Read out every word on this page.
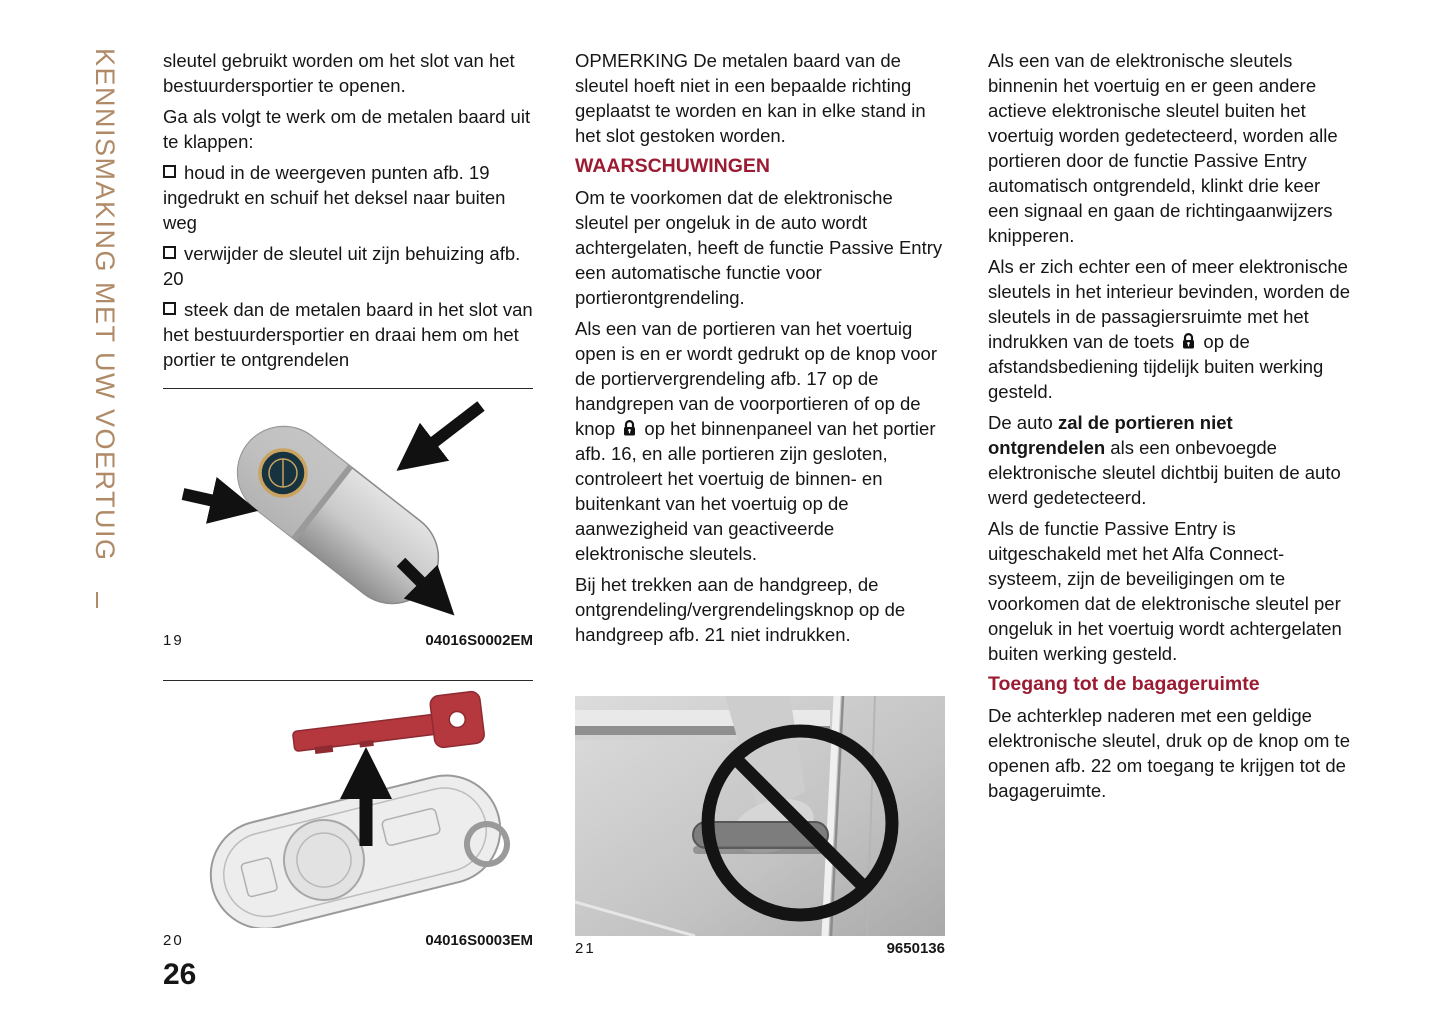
KENNISMAKING MET UW VOERTUIG sleutel gebruikt worden om het slot van het bestuurdersportier te openen.

Ga als volgt te werk om de metalen baard uit te klappen:

houd in de weergeven punten afb. 19 ingedrukt en schuif het deksel naar buiten weg

verwijder de sleutel uit zijn behuizing afb. 20

steek dan de metalen baard in het slot van het bestuurdersportier en draai hem om het portier te ontgrendelen

19	04016S0002EM
20	04016S0003EM
26

OPMERKING De metalen baard van de sleutel hoeft niet in een bepaalde richting geplaatst te worden en kan in elke stand in het slot gestoken worden.

WAARSCHUWINGEN

Om te voorkomen dat de elektronische sleutel per ongeluk in de auto wordt achtergelaten, heeft de functie Passive Entry een automatische functie voor portierontgrendeling.

Als een van de portieren van het voertuig open is en er wordt gedrukt op de knop voor de portiervergrendeling afb. 17 op de handgrepen van de voorportieren of op de knop  op het binnenpaneel van het portier afb. 16, en alle portieren zijn gesloten, controleert het voertuig de binnen- en buitenkant van het voertuig op de aanwezigheid van geactiveerde elektronische sleutels.

Bij het trekken aan de handgreep, de ontgrendeling/vergrendelingsknop op de handgreep afb. 21 niet indrukken.

21	9650136

Als een van de elektronische sleutels binnenin het voertuig en er geen andere actieve elektronische sleutel buiten het voertuig worden gedetecteerd, worden alle portieren door de functie Passive Entry automatisch ontgrendeld, klinkt drie keer een signaal en gaan de richtingaanwijzers knipperen.

Als er zich echter een of meer elektronische sleutels in het interieur bevinden, worden de sleutels in de passagiersruimte met het indrukken van de toets  op de afstandsbediening tijdelijk buiten werking gesteld.

De auto zal de portieren niet ontgrendelen als een onbevoegde elektronische sleutel dichtbij buiten de auto werd gedetecteerd.

Als de functie Passive Entry is uitgeschakeld met het Alfa Connect-systeem, zijn de beveiligingen om te voorkomen dat de elektronische sleutel per ongeluk in het voertuig wordt achtergelaten buiten werking gesteld.

Toegang tot de bagageruimte

De achterklep naderen met een geldige elektronische sleutel, druk op de knop om te openen afb. 22 om toegang te krijgen tot de bagageruimte.
